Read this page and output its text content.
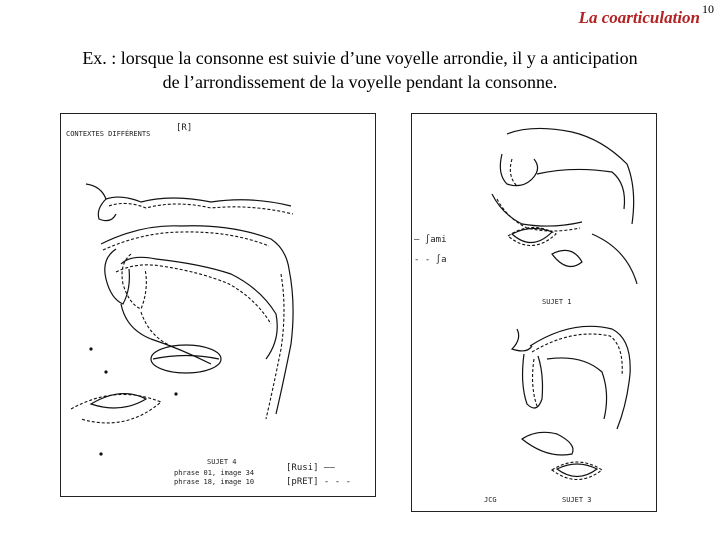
10
La coarticulation
Ex. : lorsque la consonne est suivie d’une voyelle arrondie, il y a anticipation
de l’arrondissement de la voyelle pendant la consonne.
CONTEXTES DIFFÉRENTS
[R]
SUJET 4
phrase 01, image 34
phrase 18, image 10
[Rusi] ——
[pRET] - - -
— ∫ami
- - ∫a
SUJET 1
SUJET 3
JCG
